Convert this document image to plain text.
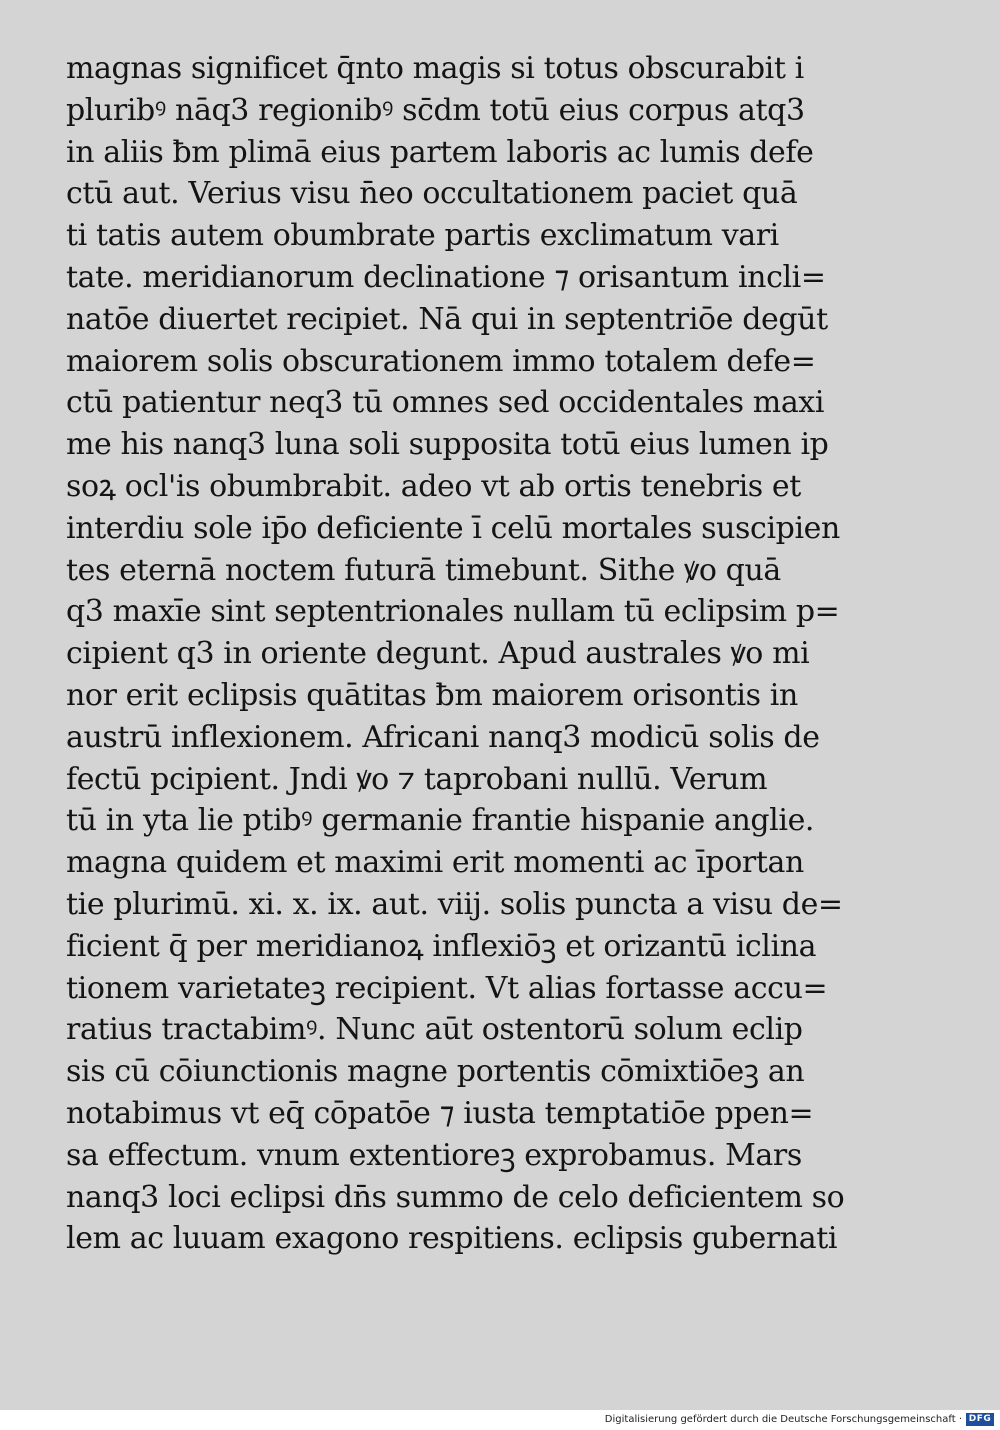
magnas significet q̄nto magis si totus obscurabit i
pluribꝰ nāq3 regionibꝰ sc̄dm totū eius corpus atq3
in aliis ƀm plimā eius partem laboris ac lumis defe
ctū aut. Verius visu n̄eo occultationem paciet quā
ti tatis autem obumbrate partis exclimatum vari
tate. meridianorum declinatione ⁊ orisantum incli=
natōe diuertet recipiet. Nā qui in septentriōe degūt
maiorem solis obscurationem immo totalem defe=
ctū patientur neq3 tū omnes sed occidentales maxi
me his nanq3 luna soli supposita totū eius lumen ip
soꝝ ocl'is obumbrabit. adeo vt ab ortis tenebris et
interdiu sole ip̄o deficiente ī celū mortales suscipien
tes eternā noctem futurā timebunt. Sithe ꝟo quā
q3 maxīe sint septentrionales nullam tū eclipsim p=
cipient q3 in oriente degunt. Apud australes ꝟo mi
nor erit eclipsis quātitas ƀm maiorem orisontis in
austrū inflexionem. Africani nanq3 modicū solis de
fectū pcipient. Jndi ꝟo ⁊ taprobani nullū. Verum
tū in yta lie ptibꝰ germanie frantie hispanie anglie.
magna quidem et maximi erit momenti ac īportan
tie plurimū. xi. x. ix. aut. viij. solis puncta a visu de=
ficient q̄ per meridianoꝝ inflexiōꝫ et orizantū iclina
tionem varietateꝫ recipient. Vt alias fortasse accu=
ratius tractabimꝰ. Nunc aūt ostentorū solum eclip
sis cū cōiunctionis magne portentis cōmixtiōeꝫ an
notabimus vt eq̄ cōpatōe ⁊ iusta temptatiōe ppen=
sa effectum. vnum extentioreꝫ exprobamus. Mars
nanq3 loci eclipsi dn̄s summo de celo deficientem so
lem ac luuam exagono respitiens. eclipsis gubernati
Digitalisierung gefördert durch die Deutsche Forschungsgemeinschaft · DFG
